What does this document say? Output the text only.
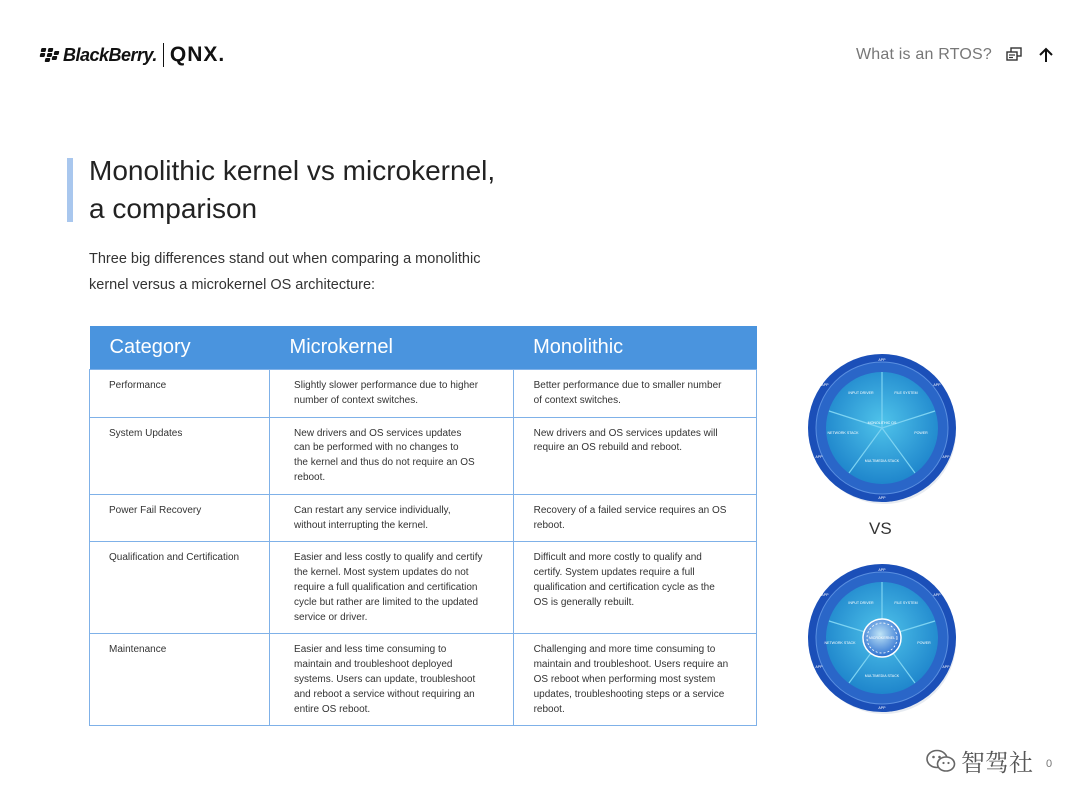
BlackBerry. QNX.	What is an RTOS?
Monolithic kernel vs microkernel,
a comparison

Three big differences stand out when comparing a monolithic
kernel versus a microkernel OS architecture:

Category	Microkernel	Monolithic
Performance	Slightly slower performance due to higher
number of context switches.	Better performance due to smaller number
of context switches.
System Updates	New drivers and OS services updates
can be performed with no changes to
the kernel and thus do not require an OS
reboot.	New drivers and OS services updates will
require an OS rebuild and reboot.
Power Fail Recovery	Can restart any service individually,
without interrupting the kernel.	Recovery of a failed service requires an OS
reboot.
Qualification and Certification	Easier and less costly to qualify and certify
the kernel. Most system updates do not
require a full qualification and certification
cycle but rather are limited to the updated
service or driver.	Difficult and more costly to qualify and
certify. System updates require a full
qualification and certification cycle as the
OS is generally rebuilt.
Maintenance	Easier and less time consuming to
maintain and troubleshoot deployed
systems. Users can update, troubleshoot
and reboot a service without requiring an
entire OS reboot.	Challenging and more time consuming to
maintain and troubleshoot. Users require an
OS reboot when performing most system
updates, troubleshooting steps or a service
reboot.
APP
APP
APP
APP
APP
APP
INPUT DRIVER	FILE SYSTEM
POWER
MULTIMEDIA STACK
NETWORK STACK
MONOLITHIC OS
VS
APP
APP
APP
APP
APP
APP
INPUT DRIVER	FILE SYSTEM
POWER
MULTIMEDIA STACK
NETWORK STACK
MICROKERNEL
智驾社 0
